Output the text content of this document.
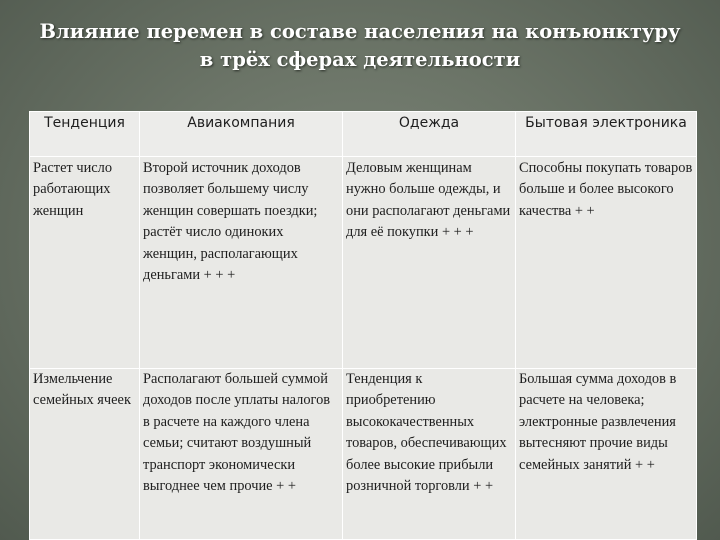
Влияние перемен в составе населения на конъюнктуру
в трёх сферах деятельности
Тенденция	Авиакомпания	Одежда	Бытовая электроника
Растет число работающих женщин	Второй источник доходов позволяет большему числу женщин совершать поездки; растёт число одиноких женщин, располагающих деньгами + + +	Деловым женщинам нужно больше одежды, и они располагают деньгами для её покупки + + +	Способны покупать товаров больше и более высокого качества + +
Измельчение семейных ячеек	Располагают большей суммой доходов после уплаты налогов в расчете на каждого члена семьи; считают воздушный транспорт экономически выгоднее чем прочие + +	Тенденция к приобретению высококачественных товаров, обеспечивающих более высокие прибыли розничной торговли + +	Большая сумма доходов в расчете на человека; электронные развлечения вытесняют прочие виды семейных занятий + +
